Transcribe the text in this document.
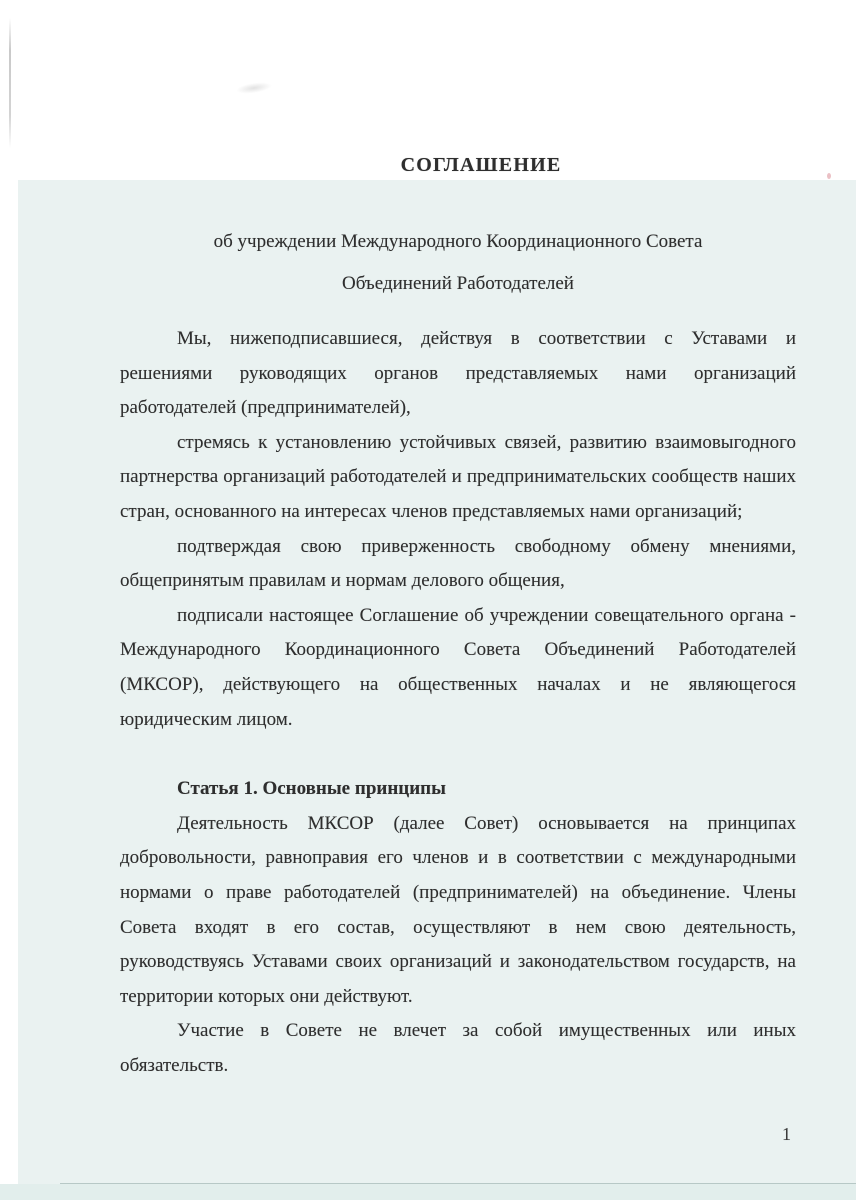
СОГЛАШЕНИЕ
об учреждении Международного Координационного Совета
Объединений Работодателей

Мы, нижеподписавшиеся, действуя в соответствии с Уставами и решениями руководящих органов представляемых нами организаций работодателей (предпринимателей),

стремясь к установлению устойчивых связей, развитию взаимовыгодного партнерства организаций работодателей и предпринимательских сообществ наших стран, основанного на интересах членов представляемых нами организаций;

подтверждая свою приверженность свободному обмену мнениями, общепринятым правилам и нормам делового общения,

подписали настоящее Соглашение об учреждении совещательного органа - Международного Координационного Совета Объединений Работодателей (МКСОР), действующего на общественных началах и не являющегося юридическим лицом.

Статья 1. Основные принципы

Деятельность МКСОР (далее Совет) основывается на принципах добровольности, равноправия его членов и в соответствии с международными нормами о праве работодателей (предпринимателей) на объединение. Члены Совета входят в его состав, осуществляют в нем свою деятельность, руководствуясь Уставами своих организаций и законодательством государств, на территории которых они действуют.

Участие в Совете не влечет за собой имущественных или иных обязательств.

1
